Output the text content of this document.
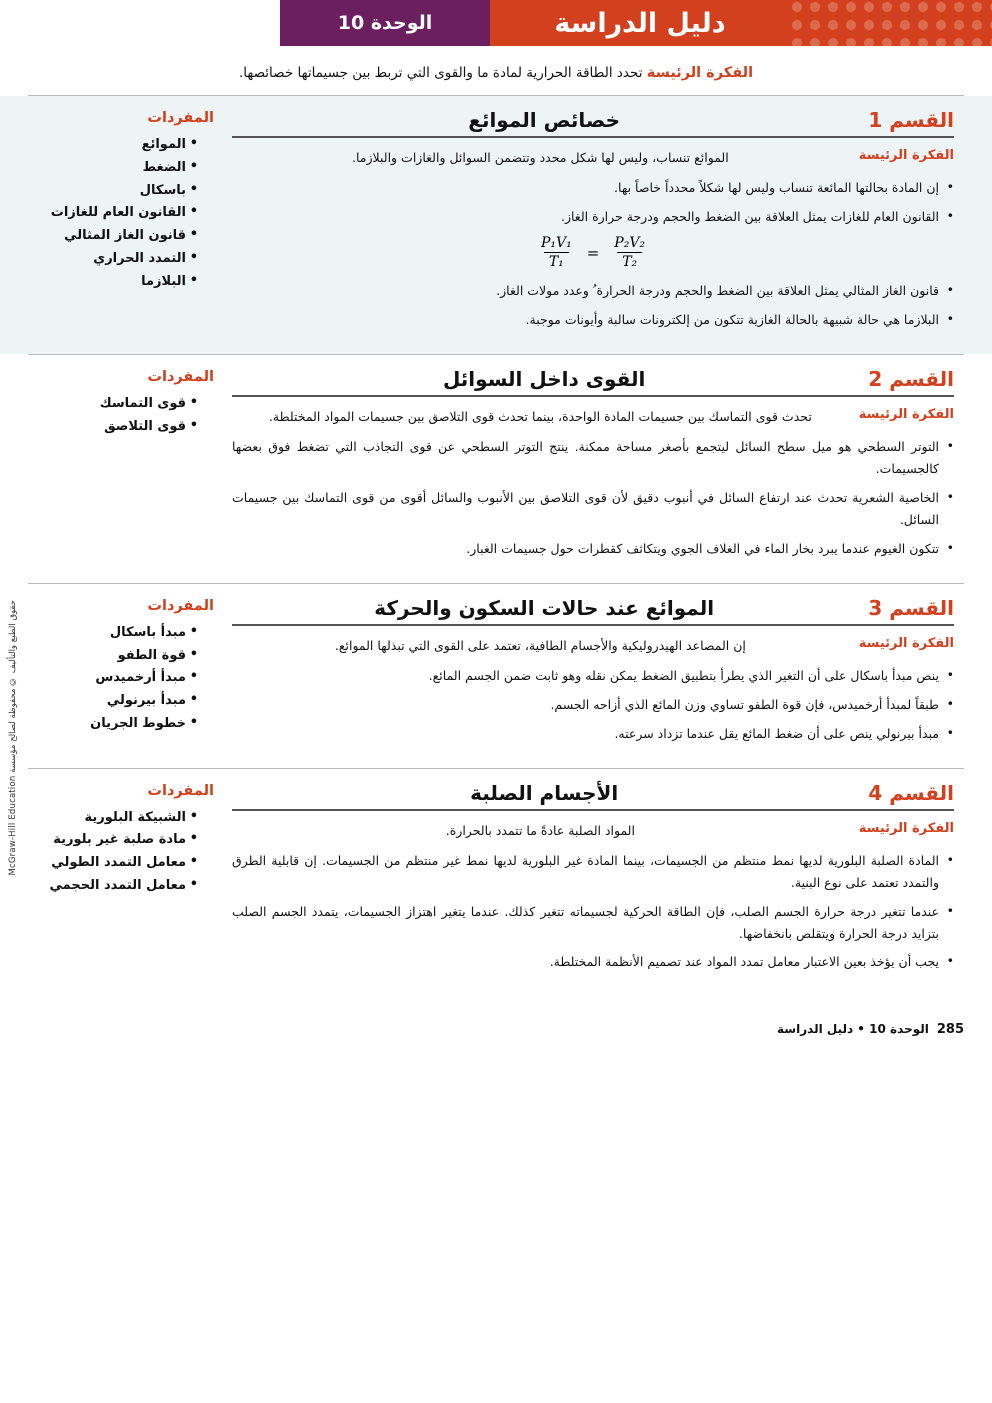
دليل الدراسة
الوحدة 10
الفكرة الرئيسة تحدد الطاقة الحرارية لمادة ما والقوى التي تربط بين جسيماتها خصائصها.
القسم 1
خصائص الموائع
الفكرة الرئيسة
الموائع تنساب، وليس لها شكل محدد وتتضمن السوائل والغازات والبلازما.
• إن المادة بحالتها المائعة تنساب وليس لها شكلاً محدداً خاصاً بها.
• القانون العام للغازات يمثل العلاقة بين الضغط والحجم ودرجة حرارة الغاز.
$\frac{\text{P₁V₁}}{\text{T₁}} = \frac{\text{P₂V₂}}{\text{T₂}}$
• قانون الغاز المثالي يمثل العلاقة بين الضغط والحجم ودرجة الحرارة ُ وعدد مولات الغاز.
• البلازما هي حالة شبيهة بالحالة الغازية تتكون من إلكترونات سالبة وأيونات موجبة.
المفردات
• الموائع
• الضغط
• باسكال
• القانون العام للغازات
• قانون الغاز المثالي
• التمدد الحراري
• البلازما
القسم 2
القوى داخل السوائل
الفكرة الرئيسة
تحدث قوى التماسك بين جسيمات المادة الواحدة، بينما تحدث قوى التلاصق بين جسيمات المواد المختلطة.
• التوتر السطحي هو ميل سطح السائل ليتجمع بأصغر مساحة ممكنة. ينتج التوتر السطحي عن قوى التجاذب التي تضغط فوق بعضها كالجسيمات.
• الخاصية الشعرية تحدث عند ارتفاع السائل في أنبوب دقيق لأن قوى التلاصق بين الأنبوب والسائل أقوى من قوى التماسك بين جسيمات السائل.
• تتكون الغيوم عندما يبرد بخار الماء في الغلاف الجوي ويتكاثف كقطرات حول جسيمات الغبار.
المفردات
• قوى التماسك
• قوى التلاصق
القسم 3
الموائع عند حالات السكون والحركة
الفكرة الرئيسة
إن المصاعد الهيدروليكية والأجسام الطافية، تعتمد على القوى التي تبذلها الموائع.
• ينص مبدأ باسكال على أن التغير الذي يطرأ بتطبيق الضغط يمكن نقله وهو ثابت ضمن الجسم المائع.
• طبقاً لمبدأ أرخميدس، فإن قوة الطفو تساوي وزن المائع الذي أزاحه الجسم.
• مبدأ بيرنولي ينص على أن ضغط المائع يقل عندما تزداد سرعته.
المفردات
• مبدأ باسكال
• قوة الطفو
• مبدأ أرخميدس
• مبدأ بيرنولي
• خطوط الجريان
القسم 4
الأجسام الصلبة
الفكرة الرئيسة
المواد الصلبة عادةً ما تتمدد بالحرارة.
• المادة الصلبة البلورية لديها نمط منتظم من الجسيمات، بينما المادة غير البلورية لديها نمط غير منتظم من الجسيمات. إن قابلية الطرق والتمدد تعتمد على نوع البنية.
• عندما تتغير درجة حرارة الجسم الصلب، فإن الطاقة الحركية لجسيماته تتغير كذلك. عندما يتغير اهتزاز الجسيمات، يتمدد الجسم الصلب بتزايد درجة الحرارة ويتقلص بانخفاضها.
• يجب أن يؤخذ بعين الاعتبار معامل تمدد المواد عند تصميم الأنظمة المختلطة.
المفردات
• الشبيكة البلورية
• مادة صلبة غير بلورية
• معامل التمدد الطولي
• معامل التمدد الحجمي
285
الوحدة 10 • دليل الدراسة
حقوق الطبع والتأليف © محفوظة لصالح مؤسسة McGraw-Hill Education
